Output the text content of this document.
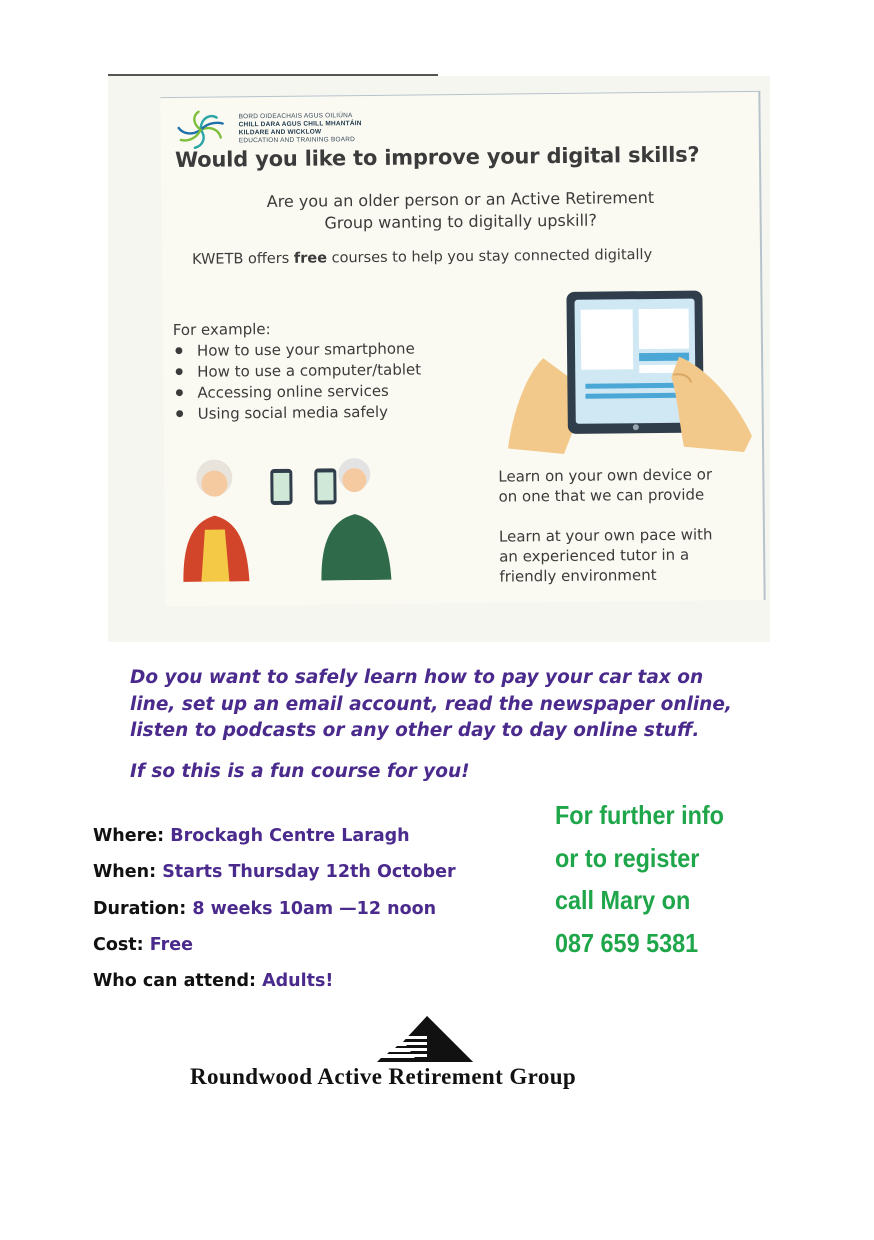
BORD OIDEACHAIS AGUS OILIÚNA
CHILL DARA AGUS CHILL MHANTÁIN
KILDARE AND WICKLOW
EDUCATION AND TRAINING BOARD
Would you like to improve your digital skills?
Are you an older person or an Active Retirement
Group wanting to digitally upskill?
KWETB offers free courses to help you stay connected digitally
For example:
● How to use your smartphone
● How to use a computer/tablet
● Accessing online services
● Using social media safely
Learn on your own device or
on one that we can provide
Learn at your own pace with
an experienced tutor in a
friendly environment
Do you want to safely learn how to pay your car tax on
line, set up an email account, read the newspaper online,
listen to podcasts or any other day to day online stuff.
If so this is a fun course for you!
Where: Brockagh Centre Laragh
When: Starts Thursday 12th October
Duration: 8 weeks 10am —12 noon
Cost: Free
Who can attend: Adults!
For further info
or to register
call Mary on
087 659 5381
Roundwood Active Retirement Group
